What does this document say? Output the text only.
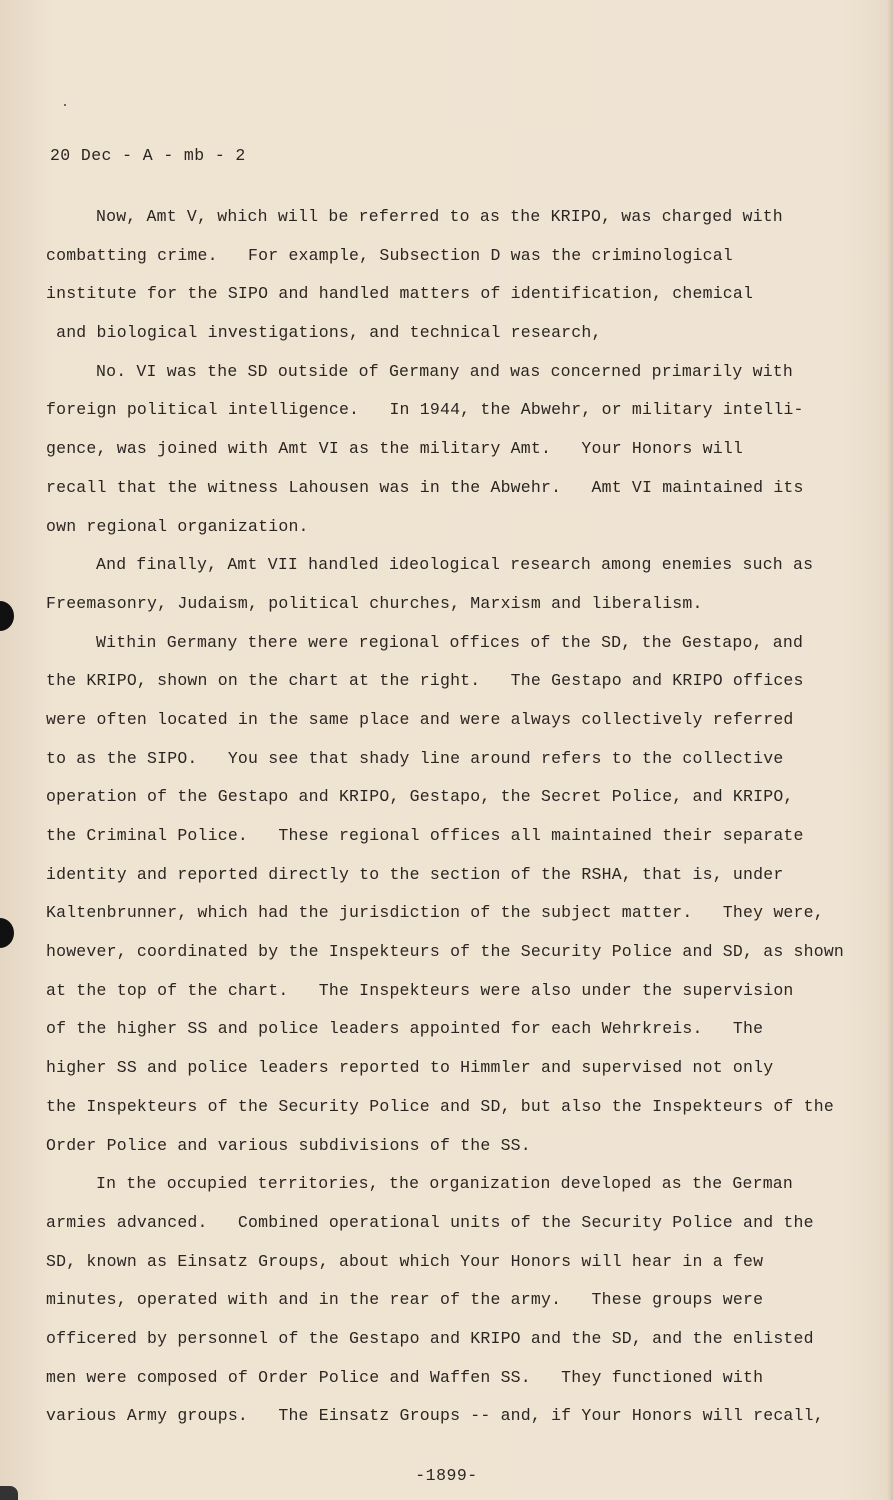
20 Dec - A - mb - 2
Now, Amt V, which will be referred to as the KRIPO, was charged with
combatting crime.   For example, Subsection D was the criminological
institute for the SIPO and handled matters of identification, chemical
and biological investigations, and technical research,
No. VI was the SD outside of Germany and was concerned primarily with
foreign political intelligence.   In 1944, the Abwehr, or military intelli-
gence, was joined with Amt VI as the military Amt.   Your Honors will
recall that the witness Lahousen was in the Abwehr.   Amt VI maintained its
own regional organization.
And finally, Amt VII handled ideological research among enemies such as
Freemasonry, Judaism, political churches, Marxism and liberalism.
Within Germany there were regional offices of the SD, the Gestapo, and
the KRIPO, shown on the chart at the right.   The Gestapo and KRIPO offices
were often located in the same place and were always collectively referred
to as the SIPO.   You see that shady line around refers to the collective
operation of the Gestapo and KRIPO, Gestapo, the Secret Police, and KRIPO,
the Criminal Police.   These regional offices all maintained their separate
identity and reported directly to the section of the RSHA, that is, under
Kaltenbrunner, which had the jurisdiction of the subject matter.   They were,
however, coordinated by the Inspekteurs of the Security Police and SD, as shown
at the top of the chart.   The Inspekteurs were also under the supervision
of the higher SS and police leaders appointed for each Wehrkreis.   The
higher SS and police leaders reported to Himmler and supervised not only
the Inspekteurs of the Security Police and SD, but also the Inspekteurs of the
Order Police and various subdivisions of the SS.
In the occupied territories, the organization developed as the German
armies advanced.   Combined operational units of the Security Police and the
SD, known as Einsatz Groups, about which Your Honors will hear in a few
minutes, operated with and in the rear of the army.   These groups were
officered by personnel of the Gestapo and KRIPO and the SD, and the enlisted
men were composed of Order Police and Waffen SS.   They functioned with
various Army groups.   The Einsatz Groups -- and, if Your Honors will recall,
-1899-
